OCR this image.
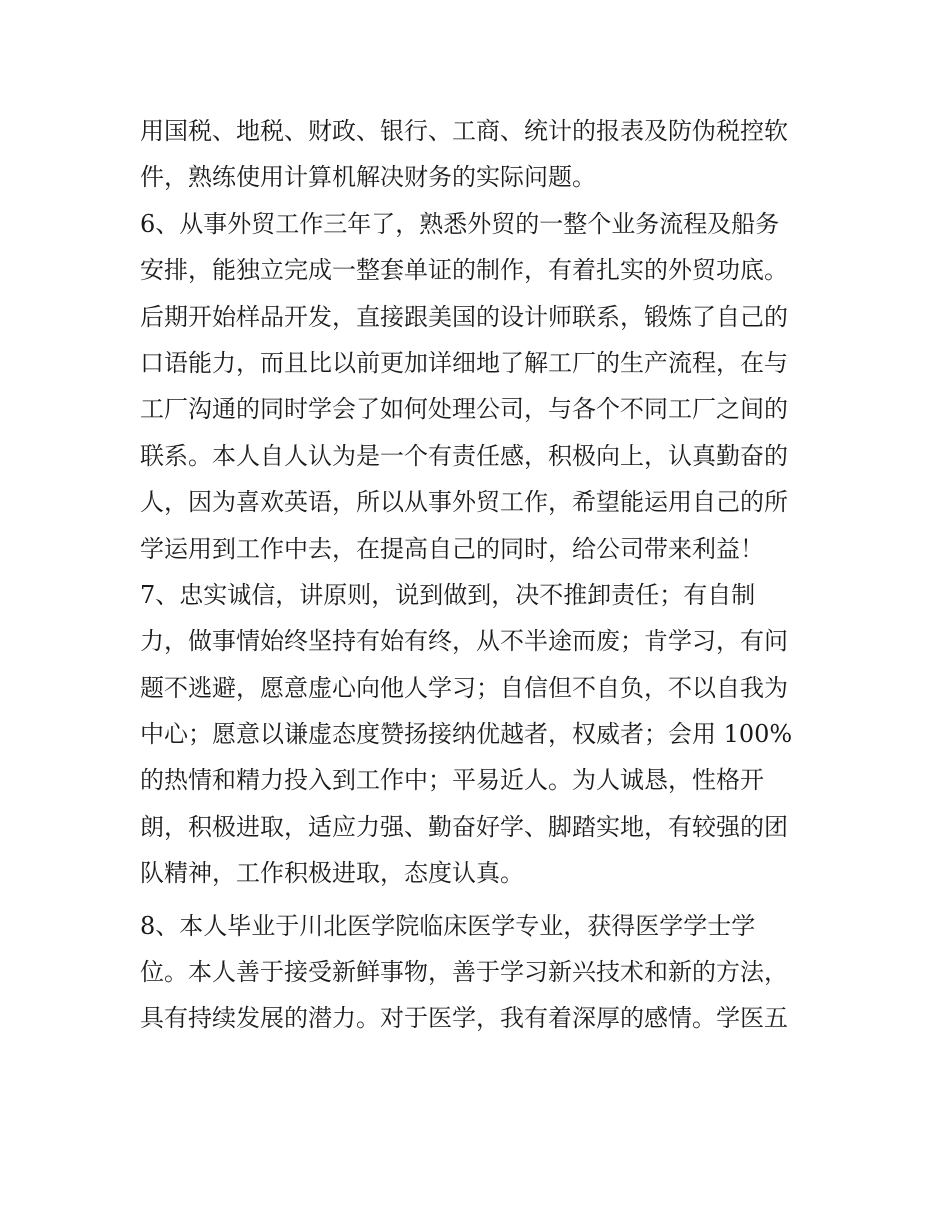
用国税、地税、财政、银行、工商、统计的报表及防伪税控软
件，熟练使用计算机解决财务的实际问题。
6、从事外贸工作三年了，熟悉外贸的一整个业务流程及船务
安排，能独立完成一整套单证的制作，有着扎实的外贸功底。
后期开始样品开发，直接跟美国的设计师联系，锻炼了自己的
口语能力，而且比以前更加详细地了解工厂的生产流程，在与
工厂沟通的同时学会了如何处理公司，与各个不同工厂之间的
联系。本人自人认为是一个有责任感，积极向上，认真勤奋的
人，因为喜欢英语，所以从事外贸工作，希望能运用自己的所
学运用到工作中去，在提高自己的同时，给公司带来利益！
7、忠实诚信，讲原则，说到做到，决不推卸责任；有自制
力，做事情始终坚持有始有终，从不半途而废；肯学习，有问
题不逃避，愿意虚心向他人学习；自信但不自负，不以自我为
中心；愿意以谦虚态度赞扬接纳优越者，权威者；会用 100%
的热情和精力投入到工作中；平易近人。为人诚恳，性格开
朗，积极进取，适应力强、勤奋好学、脚踏实地，有较强的团
队精神，工作积极进取，态度认真。
8、本人毕业于川北医学院临床医学专业，获得医学学士学
位。本人善于接受新鲜事物，善于学习新兴技术和新的方法，
具有持续发展的潜力。对于医学，我有着深厚的感情。学医五
